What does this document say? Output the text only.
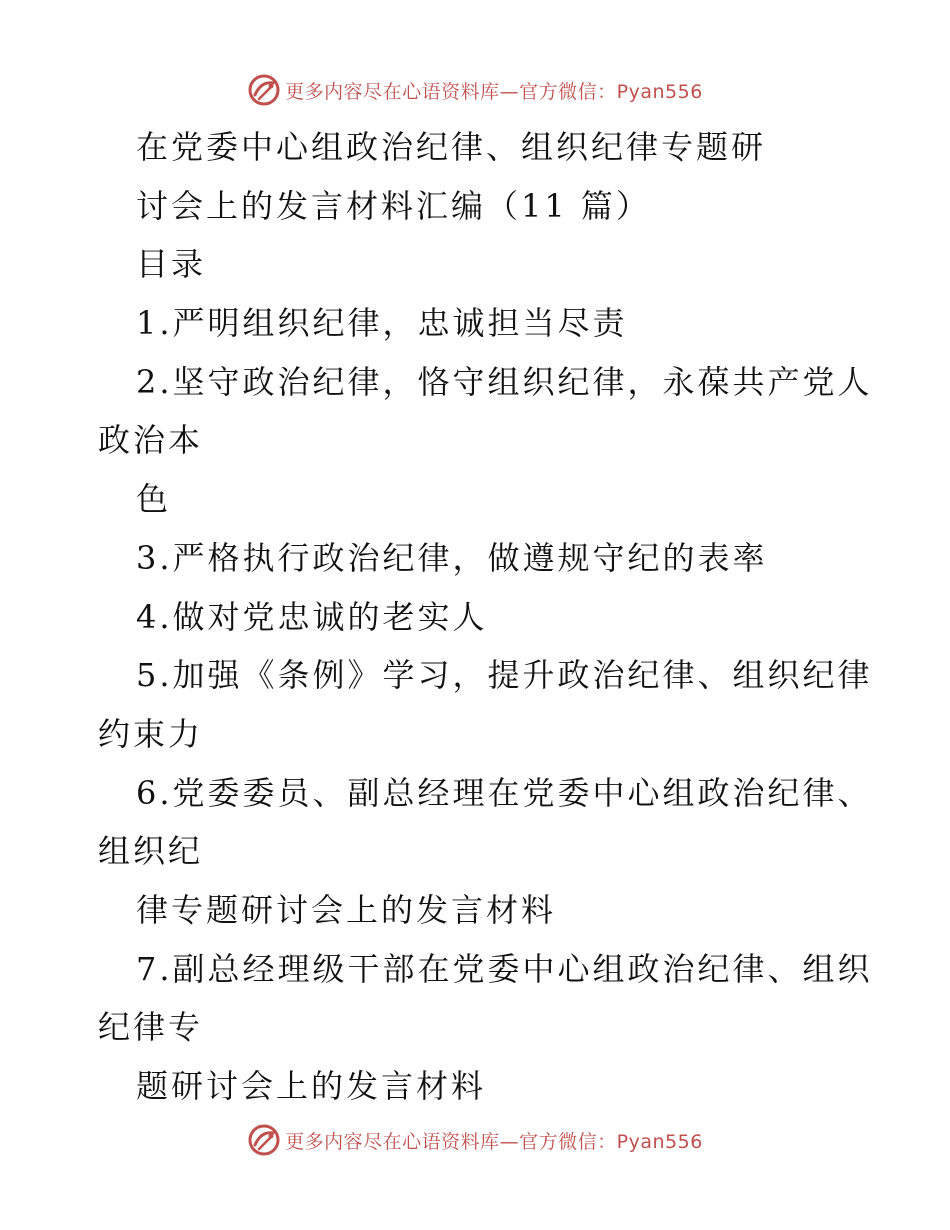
更多内容尽在心语资料库—官方微信：Pyan556
在党委中心组政治纪律、组织纪律专题研
讨会上的发言材料汇编（11 篇）
目录
1.严明组织纪律，忠诚担当尽责
2.坚守政治纪律，恪守组织纪律，永葆共产党人
政治本
色
3.严格执行政治纪律，做遵规守纪的表率
4.做对党忠诚的老实人
5.加强《条例》学习，提升政治纪律、组织纪律
约束力
6.党委委员、副总经理在党委中心组政治纪律、
组织纪
律专题研讨会上的发言材料
7.副总经理级干部在党委中心组政治纪律、组织
纪律专
题研讨会上的发言材料
更多内容尽在心语资料库—官方微信：Pyan556
